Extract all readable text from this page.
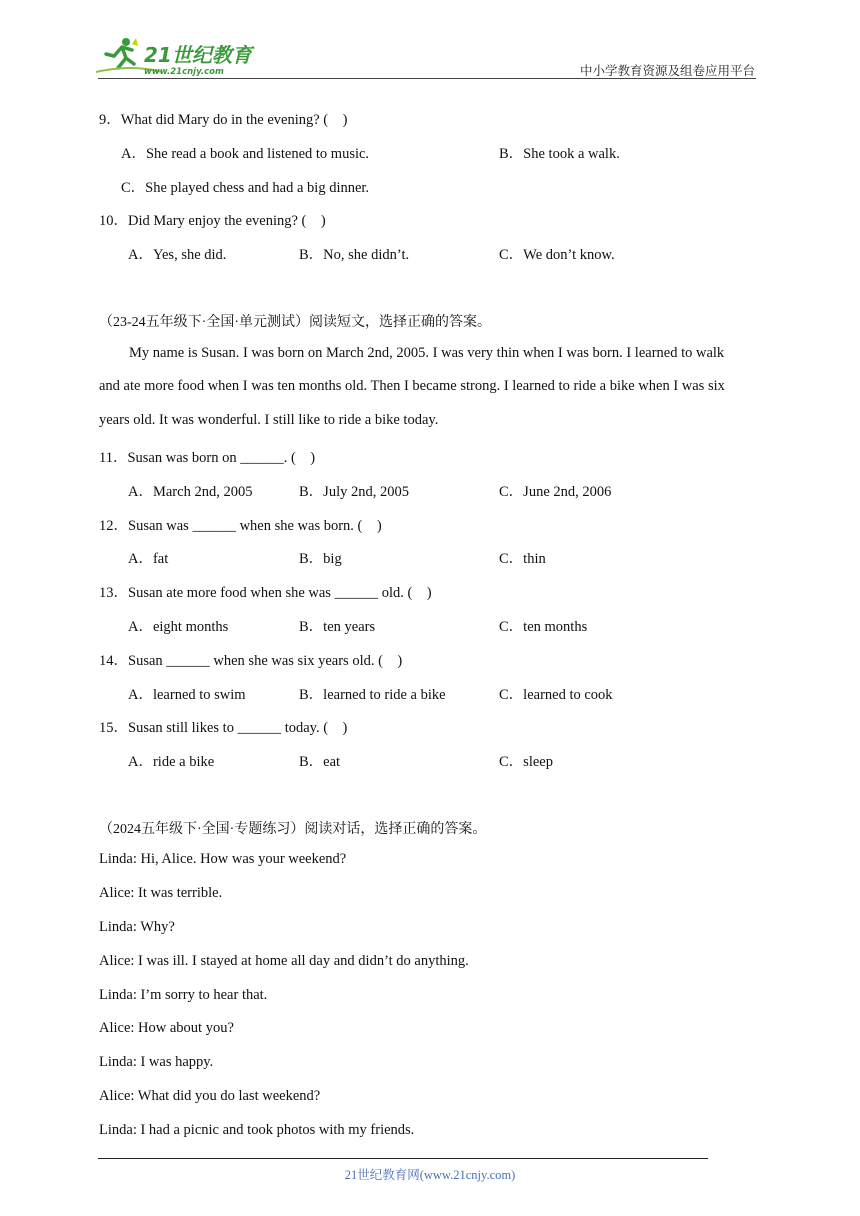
21世纪教育
www.21cnjy.com	中小学教育资源及组卷应用平台
9．What did Mary do in the evening? (　)
A．She read a book and listened to music.	B．She took a walk.
C．She played chess and had a big dinner.
10．Did Mary enjoy the evening? (　)
A．Yes, she did.	B．No, she didn’t.	C．We don’t know.
（23-24五年级下·全国·单元测试）阅读短文，选择正确的答案。
My name is Susan. I was born on March 2nd, 2005. I was very thin when I was born. I learned to walk
and ate more food when I was ten months old. Then I became strong. I learned to ride a bike when I was six
years old. It was wonderful. I still like to ride a bike today.
11．Susan was born on ______. (　)
A．March 2nd, 2005	B．July 2nd, 2005	C．June 2nd, 2006
12．Susan was ______ when she was born. (　)
A．fat	B．big	C．thin
13．Susan ate more food when she was ______ old. (　)
A．eight months	B．ten years	C．ten months
14．Susan ______ when she was six years old. (　)
A．learned to swim	B．learned to ride a bike	C．learned to cook
15．Susan still likes to ______ today. (　)
A．ride a bike	B．eat	C．sleep
（2024五年级下·全国·专题练习）阅读对话，选择正确的答案。
Linda: Hi, Alice. How was your weekend?
Alice: It was terrible.
Linda: Why?
Alice: I was ill. I stayed at home all day and didn’t do anything.
Linda: I’m sorry to hear that.
Alice: How about you?
Linda: I was happy.
Alice: What did you do last weekend?
Linda: I had a picnic and took photos with my friends.
21世纪教育网(www.21cnjy.com)
